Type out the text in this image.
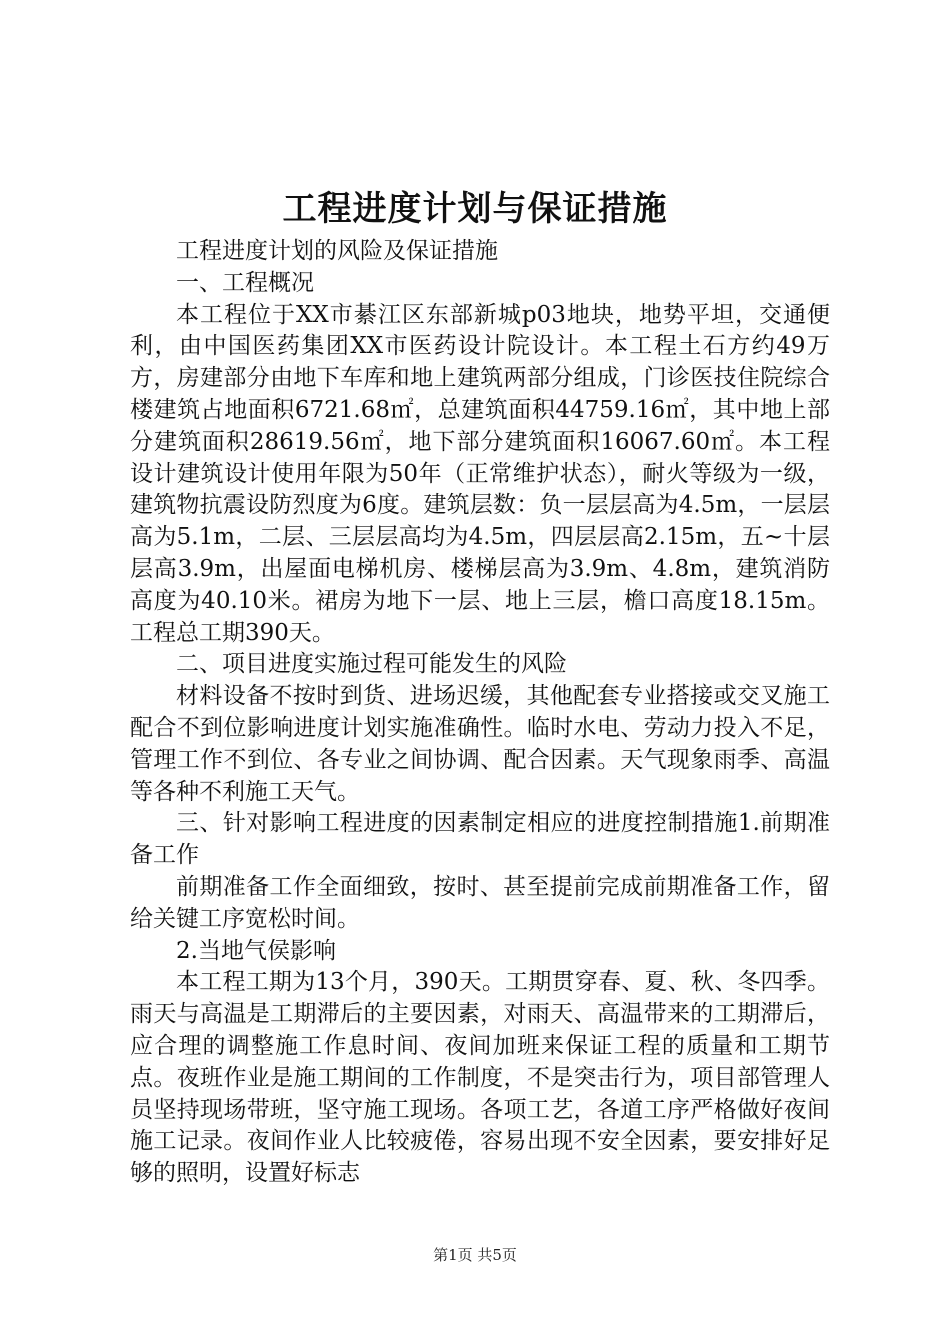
工程进度计划与保证措施

工程进度计划的风险及保证措施

一、工程概况

本工程位于XX市綦江区东部新城p03地块，地势平坦，交通便利，由中国医药集团XX市医药设计院设计。本工程土石方约49万方，房建部分由地下车库和地上建筑两部分组成，门诊医技住院综合楼建筑占地面积6721.68㎡，总建筑面积44759.16㎡，其中地上部分建筑面积28619.56㎡，地下部分建筑面积16067.60㎡。本工程设计建筑设计使用年限为50年（正常维护状态），耐火等级为一级，建筑物抗震设防烈度为6度。建筑层数：负一层层高为4.5m，一层层高为5.1m，二层、三层层高均为4.5m，四层层高2.15m，五~十层层高3.9m，出屋面电梯机房、楼梯层高为3.9m、4.8m，建筑消防高度为40.10米。裙房为地下一层、地上三层，檐口高度18.15m。工程总工期390天。

二、项目进度实施过程可能发生的风险

材料设备不按时到货、进场迟缓，其他配套专业搭接或交叉施工配合不到位影响进度计划实施准确性。临时水电、劳动力投入不足，管理工作不到位、各专业之间协调、配合因素。天气现象雨季、高温等各种不利施工天气。

三、针对影响工程进度的因素制定相应的进度控制措施1.前期准备工作

前期准备工作全面细致，按时、甚至提前完成前期准备工作，留给关键工序宽松时间。

2.当地气侯影响

本工程工期为13个月，390天。工期贯穿春、夏、秋、冬四季。雨天与高温是工期滞后的主要因素，对雨天、高温带来的工期滞后，应合理的调整施工作息时间、夜间加班来保证工程的质量和工期节点。夜班作业是施工期间的工作制度，不是突击行为，项目部管理人员坚持现场带班，坚守施工现场。各项工艺，各道工序严格做好夜间施工记录。夜间作业人比较疲倦，容易出现不安全因素，要安排好足够的照明，设置好标志

第1页 共5页
